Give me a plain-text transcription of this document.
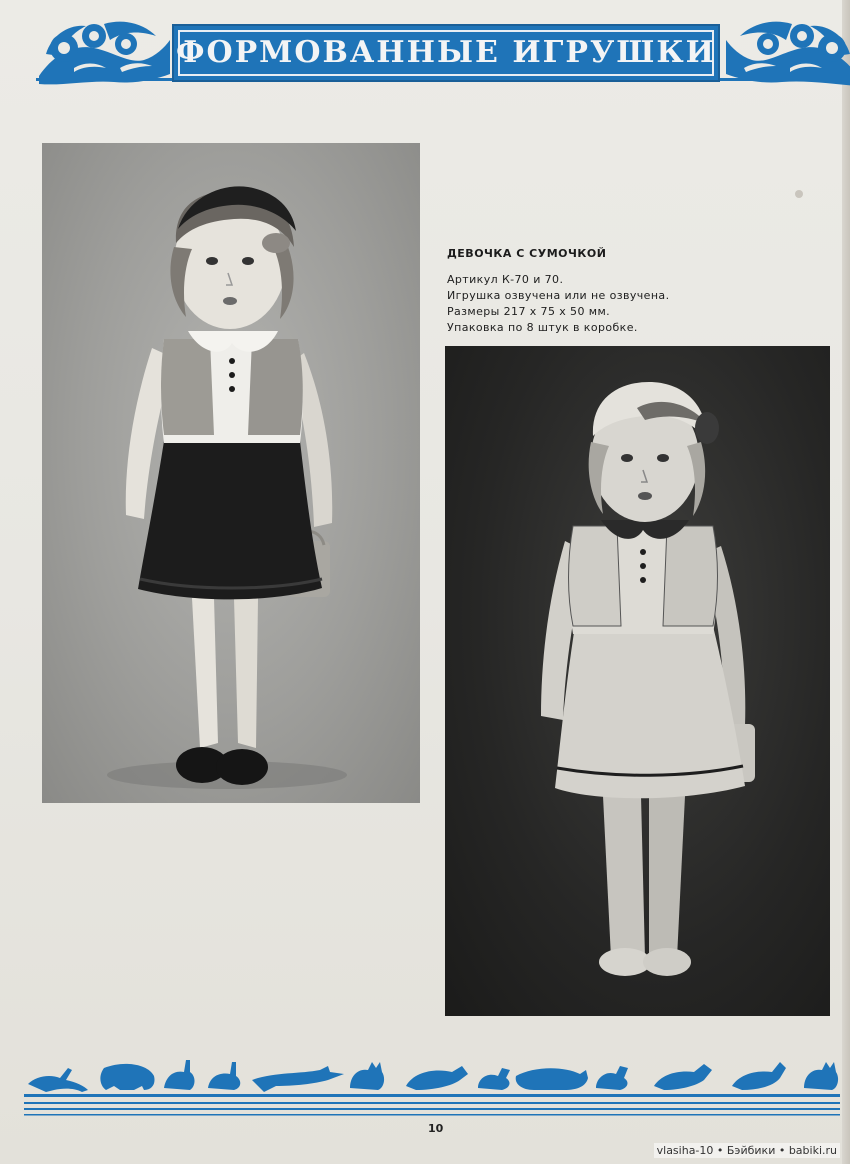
ФОРМОВАННЫЕ ИГРУШКИ
ДЕВОЧКА С СУМОЧКОЙ
Артикул К-70 и 70.
Игрушка озвучена или не озвучена.
Размеры 217 х 75 х 50 мм.
Упаковка по 8 штук в коробке.
10
vlasiha-10 • Бэйбики • babiki.ru
